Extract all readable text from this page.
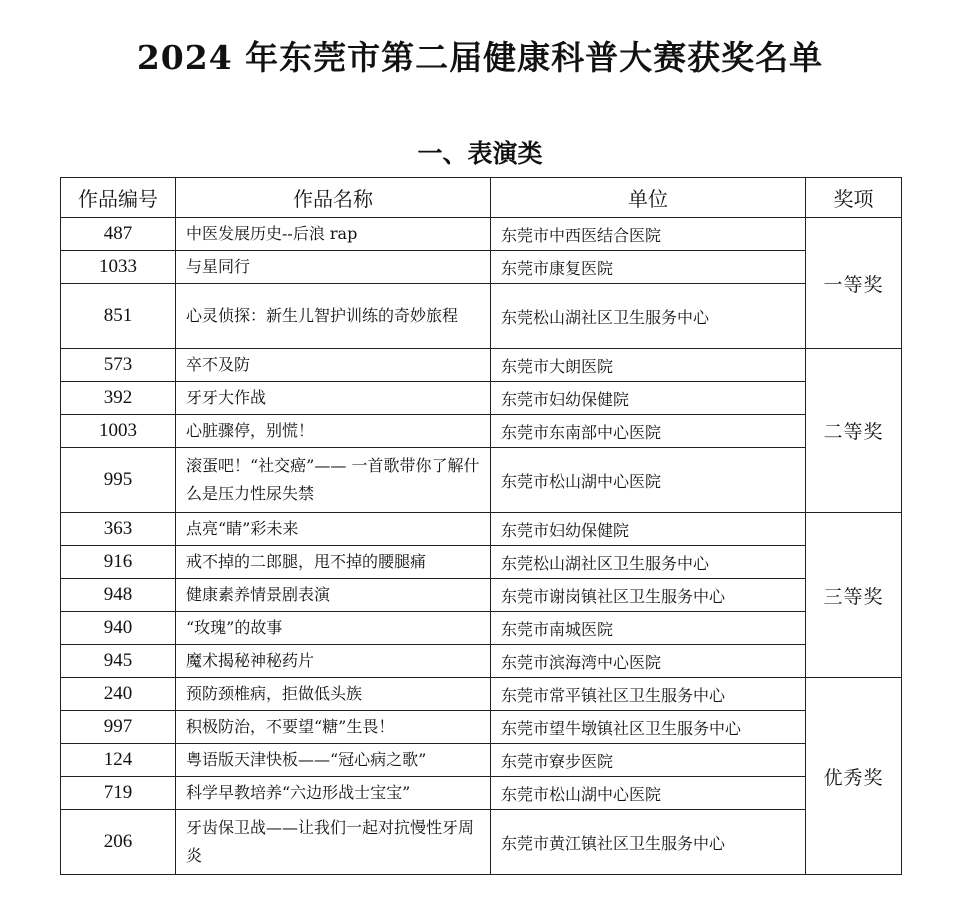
2024 年东莞市第二届健康科普大赛获奖名单
一、表演类
作品编号	作品名称	单位	奖项
487	中医发展历史--后浪 rap	东莞市中西医结合医院	一等奖
1033	与星同行	东莞市康复医院	
851	心灵侦探：新生儿智护训练的奇妙旅程	东莞松山湖社区卫生服务中心	
573	卒不及防	东莞市大朗医院	二等奖
392	牙牙大作战	东莞市妇幼保健院	
1003	心脏骤停，别慌！	东莞市东南部中心医院	
995	滚蛋吧！“社交癌”—— 一首歌带你了解什么是压力性尿失禁	东莞市松山湖中心医院	
363	点亮“睛”彩未来	东莞市妇幼保健院	三等奖
916	戒不掉的二郎腿，甩不掉的腰腿痛	东莞松山湖社区卫生服务中心	
948	健康素养情景剧表演	东莞市谢岗镇社区卫生服务中心	
940	“玫瑰”的故事	东莞市南城医院	
945	魔术揭秘神秘药片	东莞市滨海湾中心医院	
240	预防颈椎病，拒做低头族	东莞市常平镇社区卫生服务中心	优秀奖
997	积极防治，不要望“糖”生畏！	东莞市望牛墩镇社区卫生服务中心	
124	粤语版天津快板——“冠心病之歌”	东莞市寮步医院	
719	科学早教培养“六边形战士宝宝”	东莞市松山湖中心医院	
206	牙齿保卫战——让我们一起对抗慢性牙周炎	东莞市黄江镇社区卫生服务中心	
